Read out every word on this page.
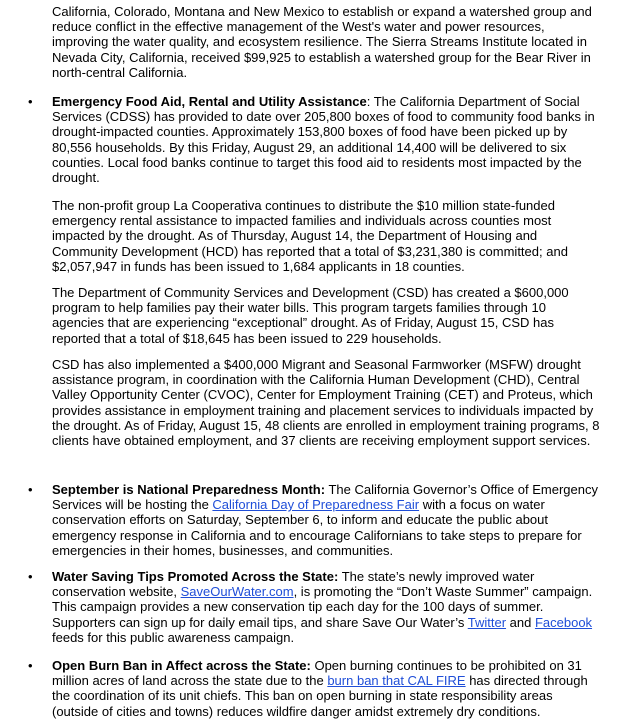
California, Colorado, Montana and New Mexico to establish or expand a watershed group and reduce conflict in the effective management of the West's water and power resources, improving the water quality, and ecosystem resilience. The Sierra Streams Institute located in Nevada City, California, received $99,925 to establish a watershed group for the Bear River in north-central California.

• Emergency Food Aid, Rental and Utility Assistance: The California Department of Social Services (CDSS) has provided to date over 205,800 boxes of food to community food banks in drought-impacted counties. Approximately 153,800 boxes of food have been picked up by 80,556 households. By this Friday, August 29, an additional 14,400 will be delivered to six counties. Local food banks continue to target this food aid to residents most impacted by the drought.

The non-profit group La Cooperativa continues to distribute the $10 million state-funded emergency rental assistance to impacted families and individuals across counties most impacted by the drought. As of Thursday, August 14, the Department of Housing and Community Development (HCD) has reported that a total of $3,231,380 is committed; and $2,057,947 in funds has been issued to 1,684 applicants in 18 counties.

The Department of Community Services and Development (CSD) has created a $600,000 program to help families pay their water bills. This program targets families through 10 agencies that are experiencing “exceptional” drought. As of Friday, August 15, CSD has reported that a total of $18,645 has been issued to 229 households.

CSD has also implemented a $400,000 Migrant and Seasonal Farmworker (MSFW) drought assistance program, in coordination with the California Human Development (CHD), Central Valley Opportunity Center (CVOC), Center for Employment Training (CET) and Proteus, which provides assistance in employment training and placement services to individuals impacted by the drought. As of Friday, August 15, 48 clients are enrolled in employment training programs, 8 clients have obtained employment, and 37 clients are receiving employment support services.

• September is National Preparedness Month: The California Governor’s Office of Emergency Services will be hosting the California Day of Preparedness Fair with a focus on water conservation efforts on Saturday, September 6, to inform and educate the public about emergency response in California and to encourage Californians to take steps to prepare for emergencies in their homes, businesses, and communities.

• Water Saving Tips Promoted Across the State: The state’s newly improved water conservation website, SaveOurWater.com, is promoting the “Don’t Waste Summer” campaign. This campaign provides a new conservation tip each day for the 100 days of summer. Supporters can sign up for daily email tips, and share Save Our Water’s Twitter and Facebook feeds for this public awareness campaign.

• Open Burn Ban in Affect across the State: Open burning continues to be prohibited on 31 million acres of land across the state due to the burn ban that CAL FIRE has directed through the coordination of its unit chiefs. This ban on open burning in state responsibility areas (outside of cities and towns) reduces wildfire danger amidst extremely dry conditions.
